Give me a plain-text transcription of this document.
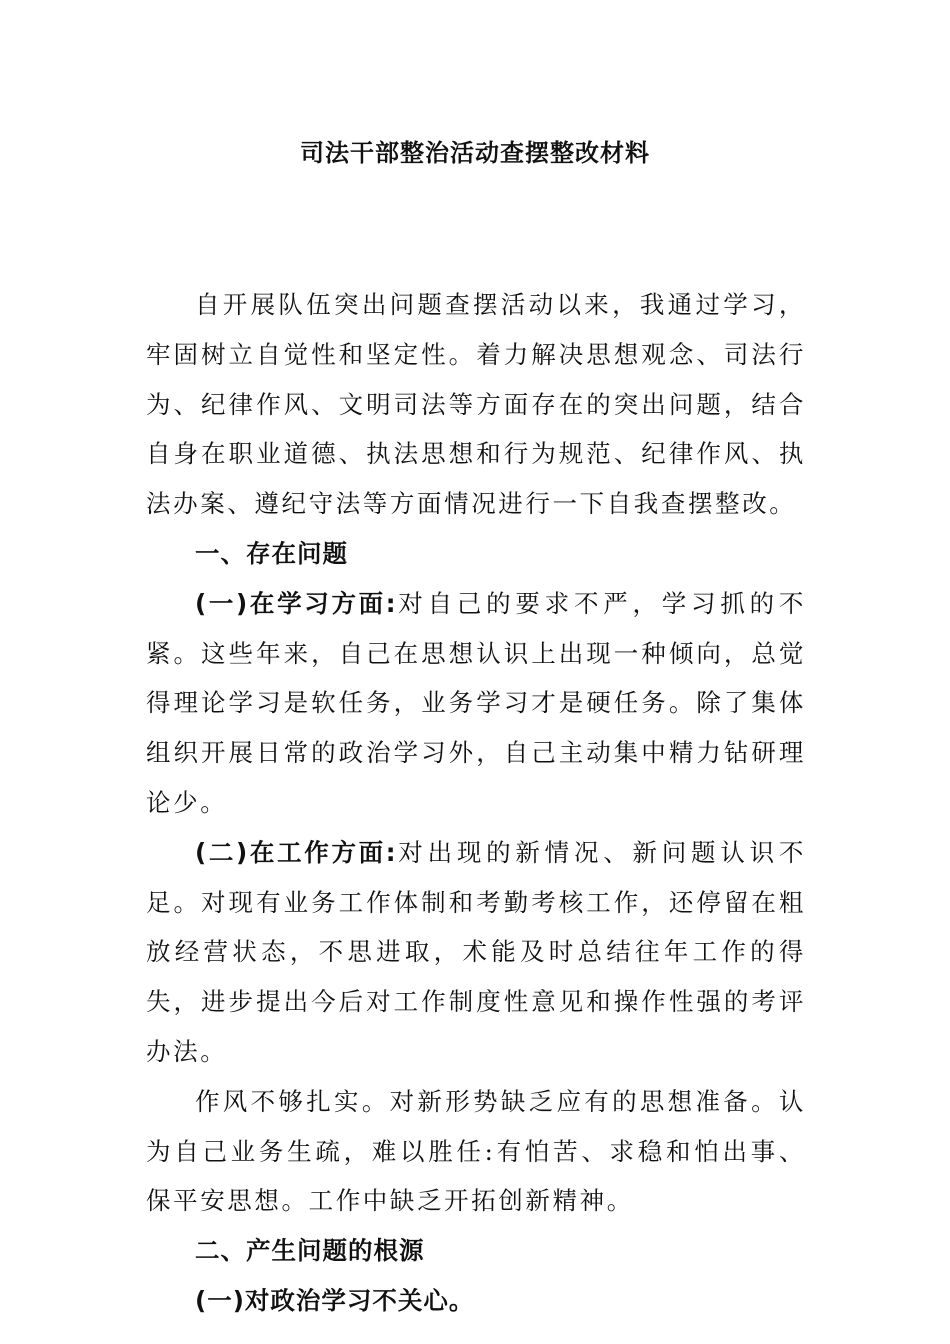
司法干部整治活动查摆整改材料

自开展队伍突出问题查摆活动以来，我通过学习，牢固树立自觉性和坚定性。着力解决思想观念、司法行为、纪律作风、文明司法等方面存在的突出问题，结合自身在职业道德、执法思想和行为规范、纪律作风、执法办案、遵纪守法等方面情况进行一下自我查摆整改。

一、存在问题

(一)在学习方面:对自己的要求不严，学习抓的不紧。这些年来，自己在思想认识上出现一种倾向，总觉得理论学习是软任务，业务学习才是硬任务。除了集体组织开展日常的政治学习外，自己主动集中精力钻研理论少。

(二)在工作方面:对出现的新情况、新问题认识不足。对现有业务工作体制和考勤考核工作，还停留在粗放经营状态，不思进取，术能及时总结往年工作的得失，进步提出今后对工作制度性意见和操作性强的考评办法。

作风不够扎实。对新形势缺乏应有的思想准备。认为自己业务生疏，难以胜任:有怕苦、求稳和怕出事、保平安思想。工作中缺乏开拓创新精神。

二、产生问题的根源

(一)对政治学习不关心。
